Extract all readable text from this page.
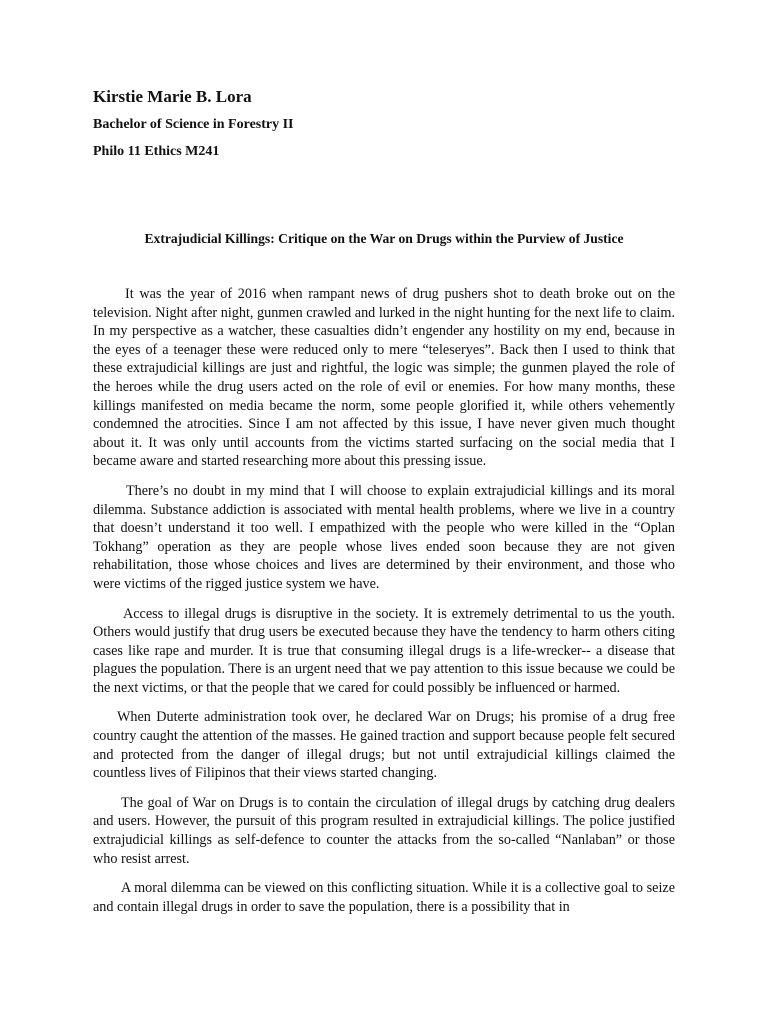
Kirstie Marie B. Lora

Bachelor of Science in Forestry II

Philo 11 Ethics M241

Extrajudicial Killings: Critique on the War on Drugs within the Purview of Justice

It was the year of 2016 when rampant news of drug pushers shot to death broke out on the television. Night after night, gunmen crawled and lurked in the night hunting for the next life to claim. In my perspective as a watcher, these casualties didn’t engender any hostility on my end, because in the eyes of a teenager these were reduced only to mere “teleseryes”. Back then I used to think that these extrajudicial killings are just and rightful, the logic was simple; the gunmen played the role of the heroes while the drug users acted on the role of evil or enemies. For how many months, these killings manifested on media became the norm, some people glorified it, while others vehemently condemned the atrocities. Since I am not affected by this issue, I have never given much thought about it. It was only until accounts from the victims started surfacing on the social media that I became aware and started researching more about this pressing issue.

There’s no doubt in my mind that I will choose to explain extrajudicial killings and its moral dilemma. Substance addiction is associated with mental health problems, where we live in a country that doesn’t understand it too well. I empathized with the people who were killed in the “Oplan Tokhang” operation as they are people whose lives ended soon because they are not given rehabilitation, those whose choices and lives are determined by their environment, and those who were victims of the rigged justice system we have.

Access to illegal drugs is disruptive in the society. It is extremely detrimental to us the youth. Others would justify that drug users be executed because they have the tendency to harm others citing cases like rape and murder. It is true that consuming illegal drugs is a life-wrecker-- a disease that plagues the population. There is an urgent need that we pay attention to this issue because we could be the next victims, or that the people that we cared for could possibly be influenced or harmed.

When Duterte administration took over, he declared War on Drugs; his promise of a drug free country caught the attention of the masses. He gained traction and support because people felt secured and protected from the danger of illegal drugs; but not until extrajudicial killings claimed the countless lives of Filipinos that their views started changing.

The goal of War on Drugs is to contain the circulation of illegal drugs by catching drug dealers and users. However, the pursuit of this program resulted in extrajudicial killings. The police justified extrajudicial killings as self-defence to counter the attacks from the so-called “Nanlaban” or those who resist arrest.

A moral dilemma can be viewed on this conflicting situation. While it is a collective goal to seize and contain illegal drugs in order to save the population, there is a possibility that in
